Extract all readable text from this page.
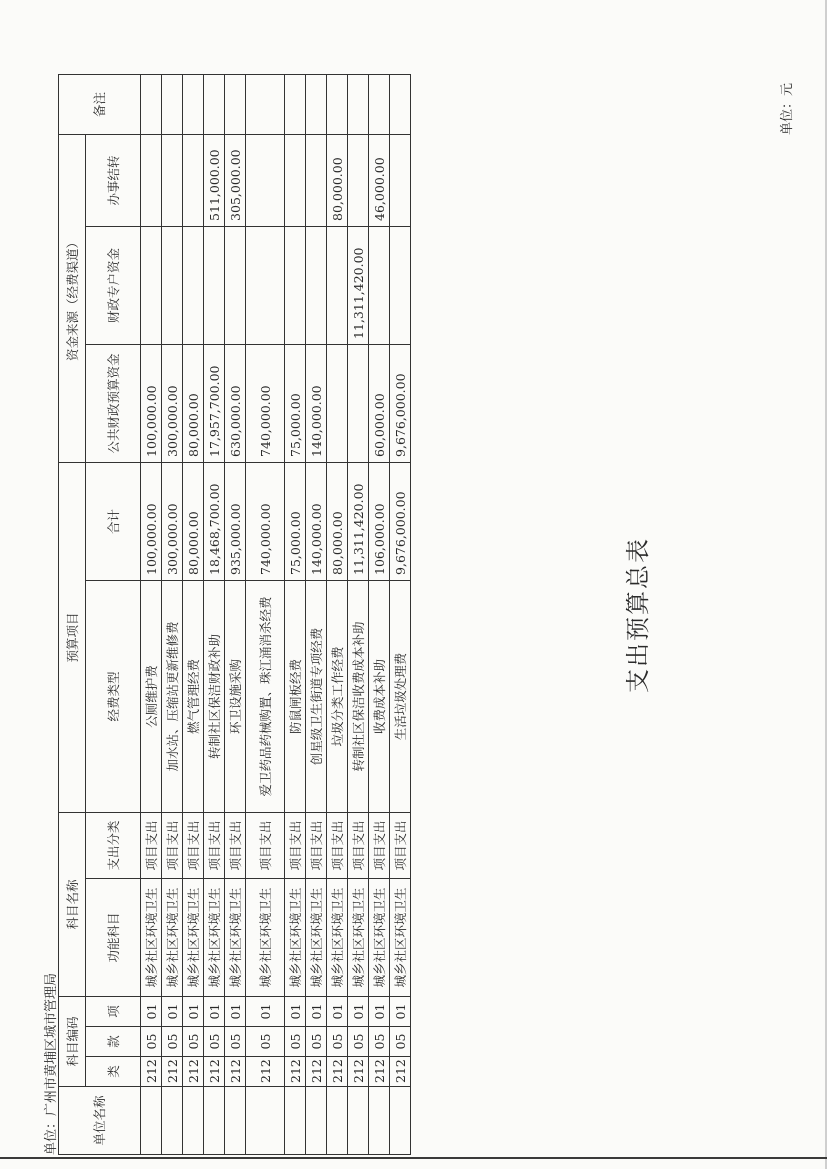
支出预算总表
单位：广州市黄埔区城市管理局
单位：元
单位名称	科目编码			科目名称		预算项目		资金来源（经费渠道）			备注
	类	款	项	功能科目	支出分类	经费类型	合计	公共财政预算资金	财政专户资金	办事结转	
	212	05	01	城乡社区环境卫生	项目支出	公厕维护费	100,000.00	100,000.00			
	212	05	01	城乡社区环境卫生	项目支出	加水站、压缩站更新维修费	300,000.00	300,000.00			
	212	05	01	城乡社区环境卫生	项目支出	燃气管理经费	80,000.00	80,000.00			
	212	05	01	城乡社区环境卫生	项目支出	转制社区保洁财政补助	18,468,700.00	17,957,700.00		511,000.00	
	212	05	01	城乡社区环境卫生	项目支出	环卫设施采购	935,000.00	630,000.00		305,000.00	
	212	05	01	城乡社区环境卫生	项目支出	爱卫药品药械购置、珠江涌消杀经费	740,000.00	740,000.00			
	212	05	01	城乡社区环境卫生	项目支出	防鼠闸板经费	75,000.00	75,000.00			
	212	05	01	城乡社区环境卫生	项目支出	创星级卫生街道专项经费	140,000.00	140,000.00			
	212	05	01	城乡社区环境卫生	项目支出	垃圾分类工作经费	80,000.00			80,000.00	
	212	05	01	城乡社区环境卫生	项目支出	转制社区保洁收费成本补助	11,311,420.00		11,311,420.00		
	212	05	01	城乡社区环境卫生	项目支出	收费成本补助	106,000.00	60,000.00		46,000.00	
	212	05	01	城乡社区环境卫生	项目支出	生活垃圾处理费	9,676,000.00	9,676,000.00			
